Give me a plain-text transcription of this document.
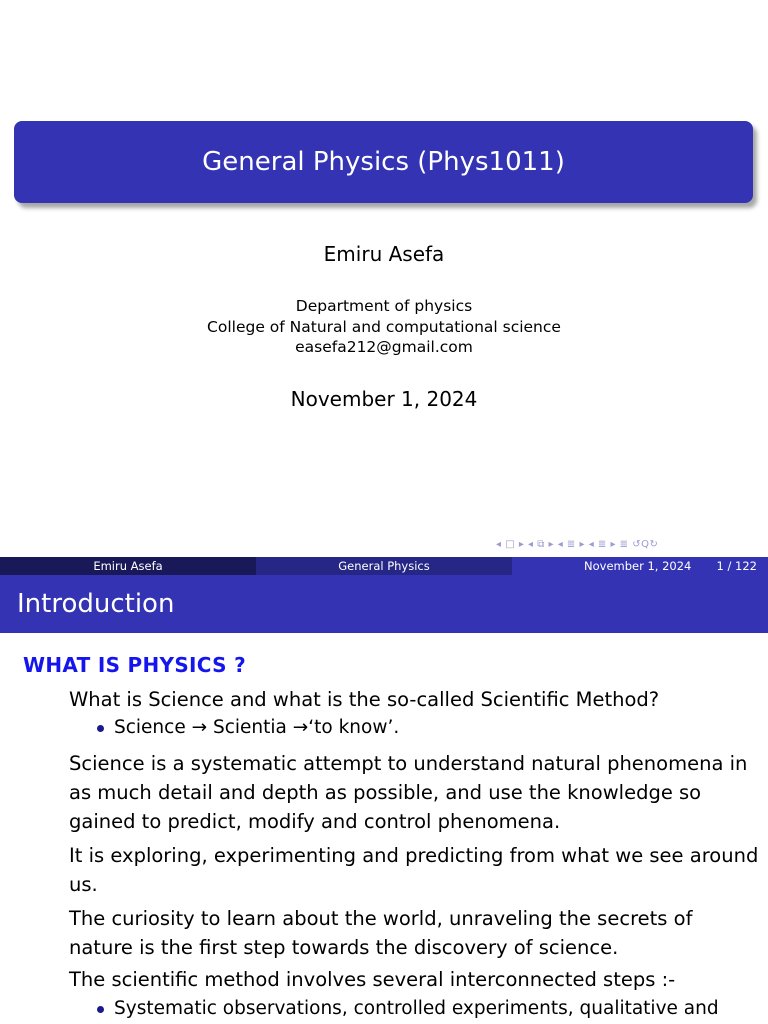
General Physics (Phys1011)
Emiru Asefa
Department of physics
College of Natural and computational science
easefa212@gmail.com
November 1, 2024
◂ □ ▸ ◂ ⧉ ▸ ◂ ≣ ▸ ◂ ≣ ▸ ≣ ↺Q↻
Emiru Asefa	General Physics	November 1, 2024 1 / 122
Introduction
WHAT IS PHYSICS ?
What is Science and what is the so-called Scientific Method?
Science → Scientia →‘to know’.
Science is a systematic attempt to understand natural phenomena in as much detail and depth as possible, and use the knowledge so gained to predict, modify and control phenomena.
It is exploring, experimenting and predicting from what we see around us.
The curiosity to learn about the world, unraveling the secrets of nature is the first step towards the discovery of science.
The scientific method involves several interconnected steps :-
Systematic observations, controlled experiments, qualitative and
